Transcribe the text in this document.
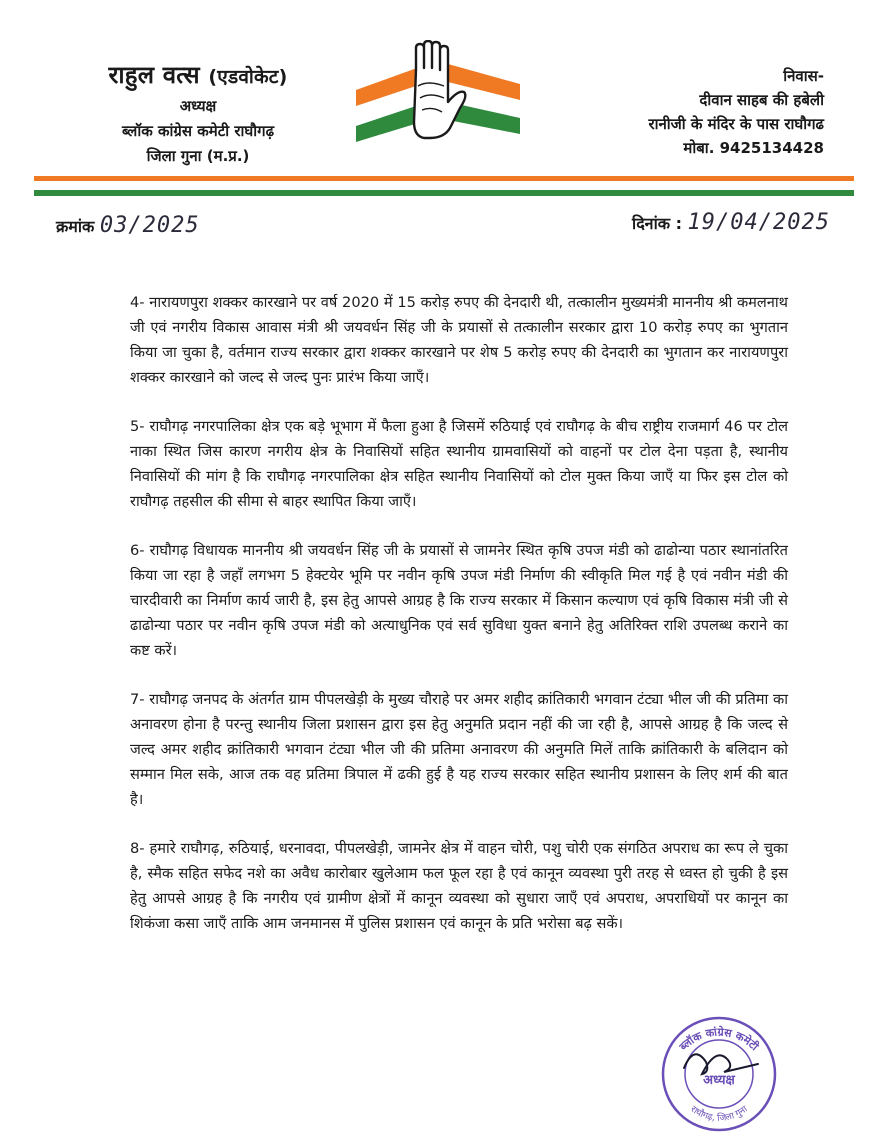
राहुल वत्स (एडवोकेट)
अध्यक्ष
ब्लॉक कांग्रेस कमेटी राघौगढ़
जिला गुना (म.प्र.)
निवास-
दीवान साहब की हबेली
रानीजी के मंदिर के पास राघौगढ
मोबा. 9425134428
क्रमांक 03/2025	दिनांक : 19/04/2025

4- नारायणपुरा शक्कर कारखाने पर वर्ष 2020 में 15 करोड़ रुपए की देनदारी थी, तत्कालीन मुख्यमंत्री माननीय श्री कमलनाथ जी एवं नगरीय विकास आवास मंत्री श्री जयवर्धन सिंह जी के प्रयासों से तत्कालीन सरकार द्वारा 10 करोड़ रुपए का भुगतान किया जा चुका है, वर्तमान राज्य सरकार द्वारा शक्कर कारखाने पर शेष 5 करोड़ रुपए की देनदारी का भुगतान कर नारायणपुरा शक्कर कारखाने को जल्द से जल्द पुनः प्रारंभ किया जाएँ।

5- राघौगढ़ नगरपालिका क्षेत्र एक बड़े भूभाग में फैला हुआ है जिसमें रुठियाई एवं राघौगढ़ के बीच राष्ट्रीय राजमार्ग 46 पर टोल नाका स्थित जिस कारण नगरीय क्षेत्र के निवासियों सहित स्थानीय ग्रामवासियों को वाहनों पर टोल देना पड़ता है, स्थानीय निवासियों की मांग है कि राघौगढ़ नगरपालिका क्षेत्र सहित स्थानीय निवासियों को टोल मुक्त किया जाएँ या फिर इस टोल को राघौगढ़ तहसील की सीमा से बाहर स्थापित किया जाएँ।

6- राघौगढ़ विधायक माननीय श्री जयवर्धन सिंह जी के प्रयासों से जामनेर स्थित कृषि उपज मंडी को ढाढोन्या पठार स्थानांतरित किया जा रहा है जहाँ लगभग 5 हेक्टयेर भूमि पर नवीन कृषि उपज मंडी निर्माण की स्वीकृति मिल गई है एवं नवीन मंडी की चारदीवारी का निर्माण कार्य जारी है, इस हेतु आपसे आग्रह है कि राज्य सरकार में किसान कल्याण एवं कृषि विकास मंत्री जी से ढाढोन्या पठार पर नवीन कृषि उपज मंडी को अत्याधुनिक एवं सर्व सुविधा युक्त बनाने हेतु अतिरिक्त राशि उपलब्ध कराने का कष्ट करें।

7- राघौगढ़ जनपद के अंतर्गत ग्राम पीपलखेड़ी के मुख्य चौराहे पर अमर शहीद क्रांतिकारी भगवान टंट्या भील जी की प्रतिमा का अनावरण होना है परन्तु स्थानीय जिला प्रशासन द्वारा इस हेतु अनुमति प्रदान नहीं की जा रही है, आपसे आग्रह है कि जल्द से जल्द अमर शहीद क्रांतिकारी भगवान टंट्या भील जी की प्रतिमा अनावरण की अनुमति मिलें ताकि क्रांतिकारी के बलिदान को सम्मान मिल सके, आज तक वह प्रतिमा त्रिपाल में ढकी हुई है यह राज्य सरकार सहित स्थानीय प्रशासन के लिए शर्म की बात है।

8- हमारे राघौगढ़, रुठियाई, धरनावदा, पीपलखेड़ी, जामनेर क्षेत्र में वाहन चोरी, पशु चोरी एक संगठित अपराध का रूप ले चुका है, स्मैक सहित सफेद नशे का अवैध कारोबार खुलेआम फल फूल रहा है एवं कानून व्यवस्था पुरी तरह से ध्वस्त हो चुकी है इस हेतु आपसे आग्रह है कि नगरीय एवं ग्रामीण क्षेत्रों में कानून व्यवस्था को सुधारा जाएँ एवं अपराध, अपराधियों पर कानून का शिकंजा कसा जाएँ ताकि आम जनमानस में पुलिस प्रशासन एवं कानून के प्रति भरोसा बढ़ सकें।

ब्लॉक कांग्रेस कमेटी
अध्यक्ष
राघौगढ़, जिला गुना
